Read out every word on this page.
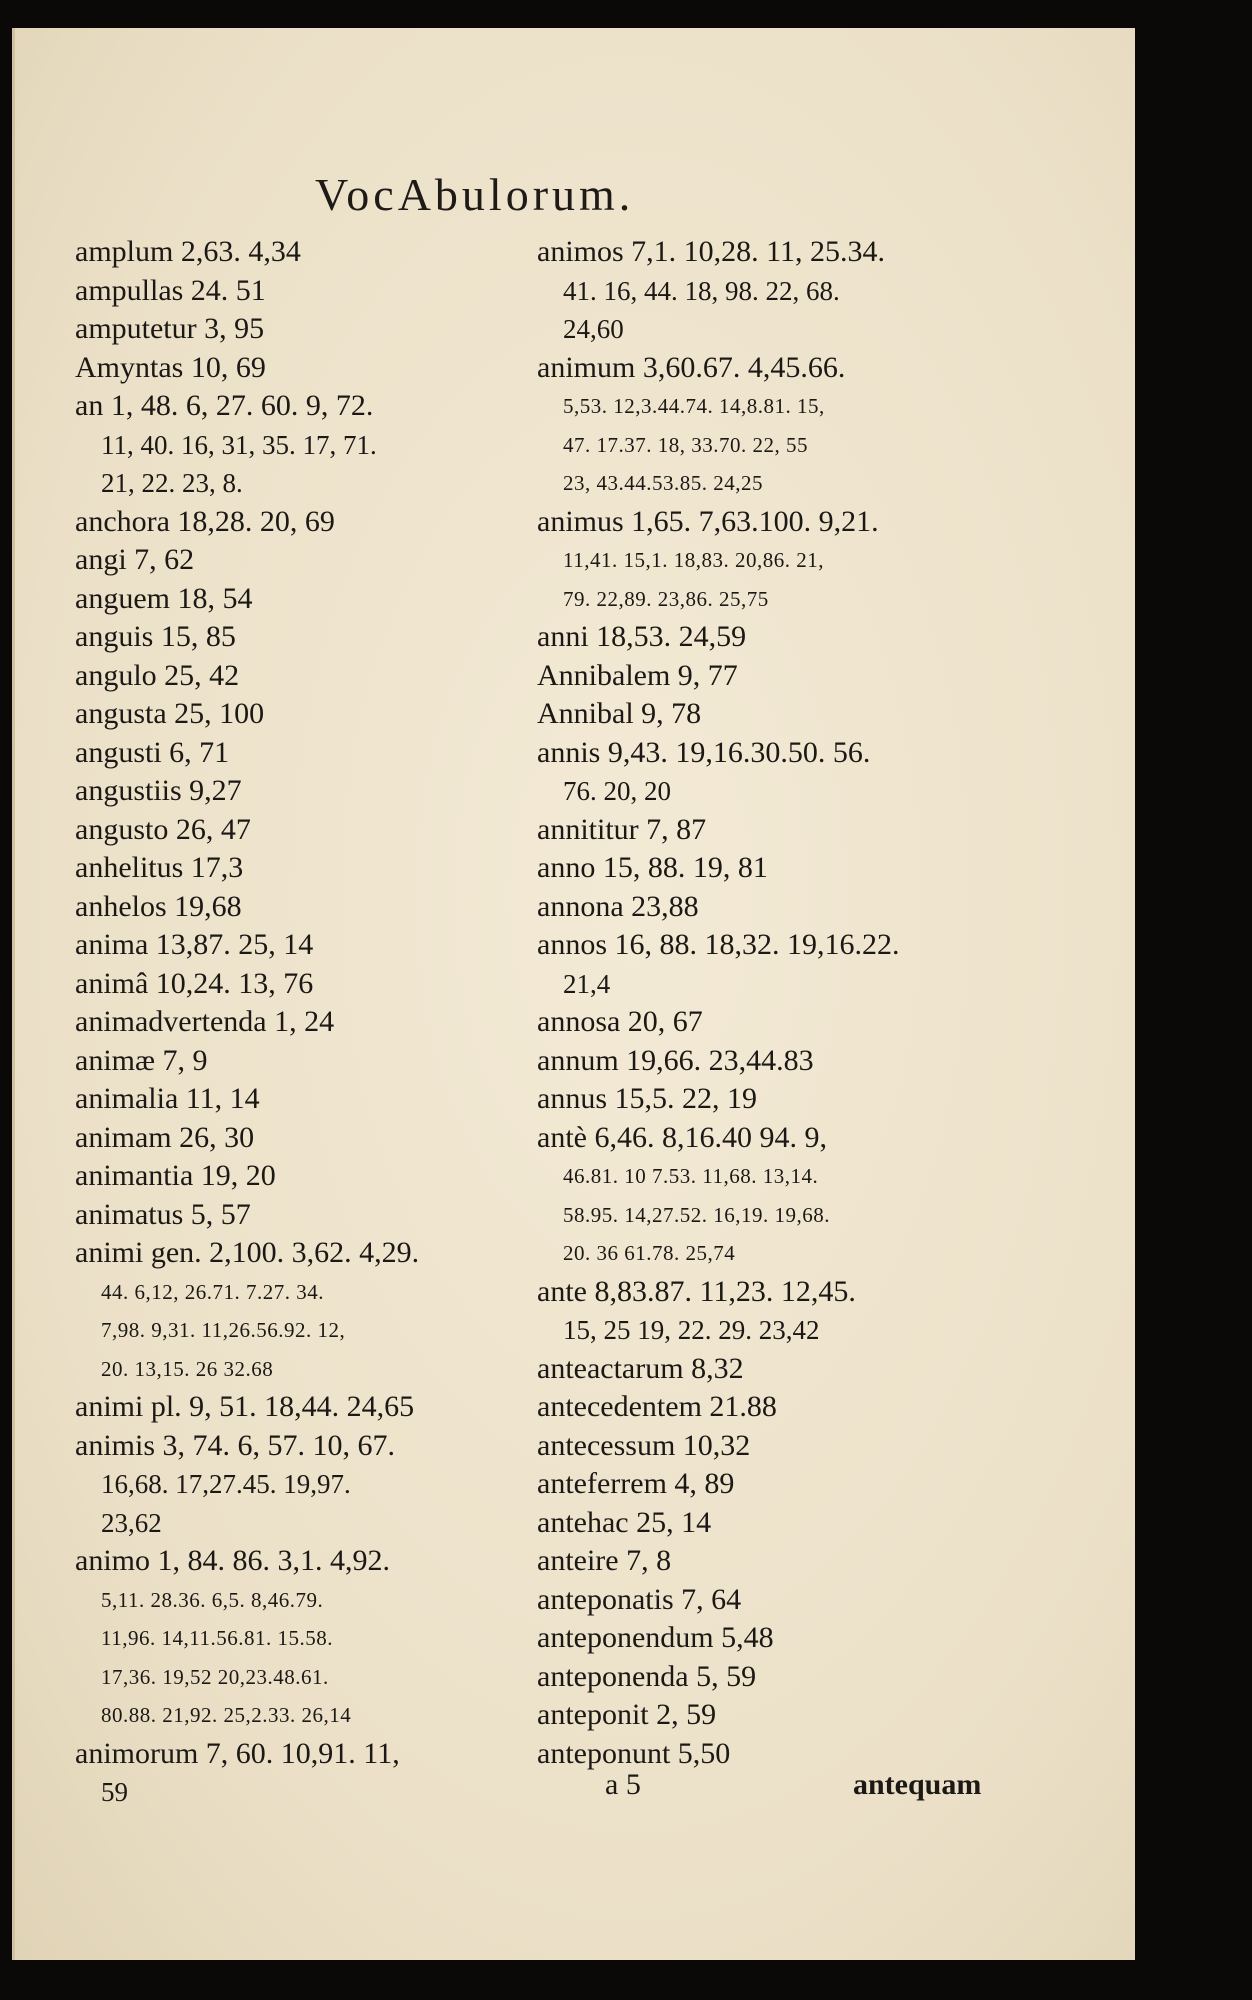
VocAbulorum.
amplum 2,63. 4,34
ampullas 24. 51
amputetur 3, 95
Amyntas 10, 69
an 1, 48. 6, 27. 60. 9, 72.
11, 40. 16, 31, 35. 17, 71.
21, 22. 23, 8.
anchora 18,28. 20, 69
angi 7, 62
anguem 18, 54
anguis 15, 85
angulo 25, 42
angusta 25, 100
angusti 6, 71
angustiis 9,27
angusto 26, 47
anhelitus 17,3
anhelos 19,68
anima 13,87. 25, 14
animâ 10,24. 13, 76
animadvertenda 1, 24
animæ 7, 9
animalia 11, 14
animam 26, 30
animantia 19, 20
animatus 5, 57
animi gen. 2,100. 3,62. 4,29.
44. 6,12, 26.71. 7.27. 34.
7,98. 9,31. 11,26.56.92. 12,
20. 13,15. 26 32.68
animi pl. 9, 51. 18,44. 24,65
animis 3, 74. 6, 57. 10, 67.
16,68. 17,27.45. 19,97.
23,62
animo 1, 84. 86. 3,1. 4,92.
5,11. 28.36. 6,5. 8,46.79.
11,96. 14,11.56.81. 15.58.
17,36. 19,52 20,23.48.61.
80.88. 21,92. 25,2.33. 26,14
animorum 7, 60. 10,91. 11,
59
animos 7,1. 10,28. 11, 25.34.
41. 16, 44. 18, 98. 22, 68.
24,60
animum 3,60.67. 4,45.66.
5,53. 12,3.44.74. 14,8.81. 15,
47. 17.37. 18, 33.70. 22, 55
23, 43.44.53.85. 24,25
animus 1,65. 7,63.100. 9,21.
11,41. 15,1. 18,83. 20,86. 21,
79. 22,89. 23,86. 25,75
anni 18,53. 24,59
Annibalem 9, 77
Annibal 9, 78
annis 9,43. 19,16.30.50. 56.
76. 20, 20
annititur 7, 87
anno 15, 88. 19, 81
annona 23,88
annos 16, 88. 18,32. 19,16.22.
21,4
annosa 20, 67
annum 19,66. 23,44.83
annus 15,5. 22, 19
antè 6,46. 8,16.40 94. 9,
46.81. 10 7.53. 11,68. 13,14.
58.95. 14,27.52. 16,19. 19,68.
20. 36 61.78. 25,74
ante 8,83.87. 11,23. 12,45.
15, 25 19, 22. 29. 23,42
anteactarum 8,32
antecedentem 21.88
antecessum 10,32
anteferrem 4, 89
antehac 25, 14
anteire 7, 8
anteponatis 7, 64
anteponendum 5,48
anteponenda 5, 59
anteponit 2, 59
anteponunt 5,50
a 5	antequam
